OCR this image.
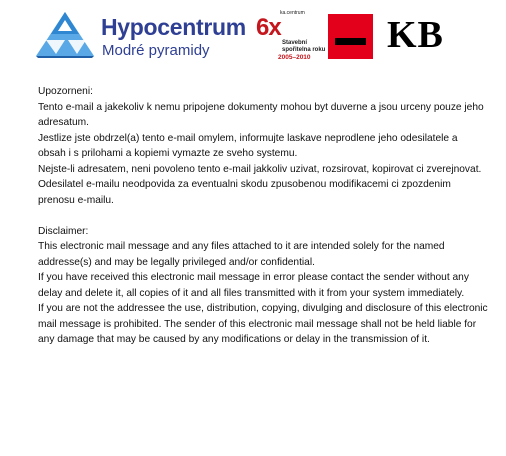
Hypocentrum
Modré pyramidy
ka.centrum
6x
Stavební
spořitelna roku
2005–2010
KB

Upozorneni:

Tento e-mail a jakekoliv k nemu pripojene dokumenty mohou byt duverne a jsou urceny pouze jeho adresatum.

Jestlize jste obdrzel(a) tento e-mail omylem, informujte laskave neprodlene jeho odesilatele a obsah i s prilohami a kopiemi vymazte ze sveho systemu.

Nejste-li adresatem, neni povoleno tento e-mail jakkoliv uzivat, rozsirovat, kopirovat ci zverejnovat.

Odesilatel e-mailu neodpovida za eventualni skodu zpusobenou modifikacemi ci zpozdenim prenosu e-mailu.

Disclaimer:

This electronic mail message and any files attached to it are intended solely for the named addresse(s) and may be legally privileged and/or confidential.

If you have received this electronic mail message in error please contact the sender without any delay and delete it, all copies of it and all files transmitted with it from your system immediately.

If you are not the addressee the use, distribution, copying, divulging and disclosure of this electronic mail message is prohibited. The sender of this electronic mail message shall not be held liable for any damage that may be caused by any modifications or delay in the transmission of it.
